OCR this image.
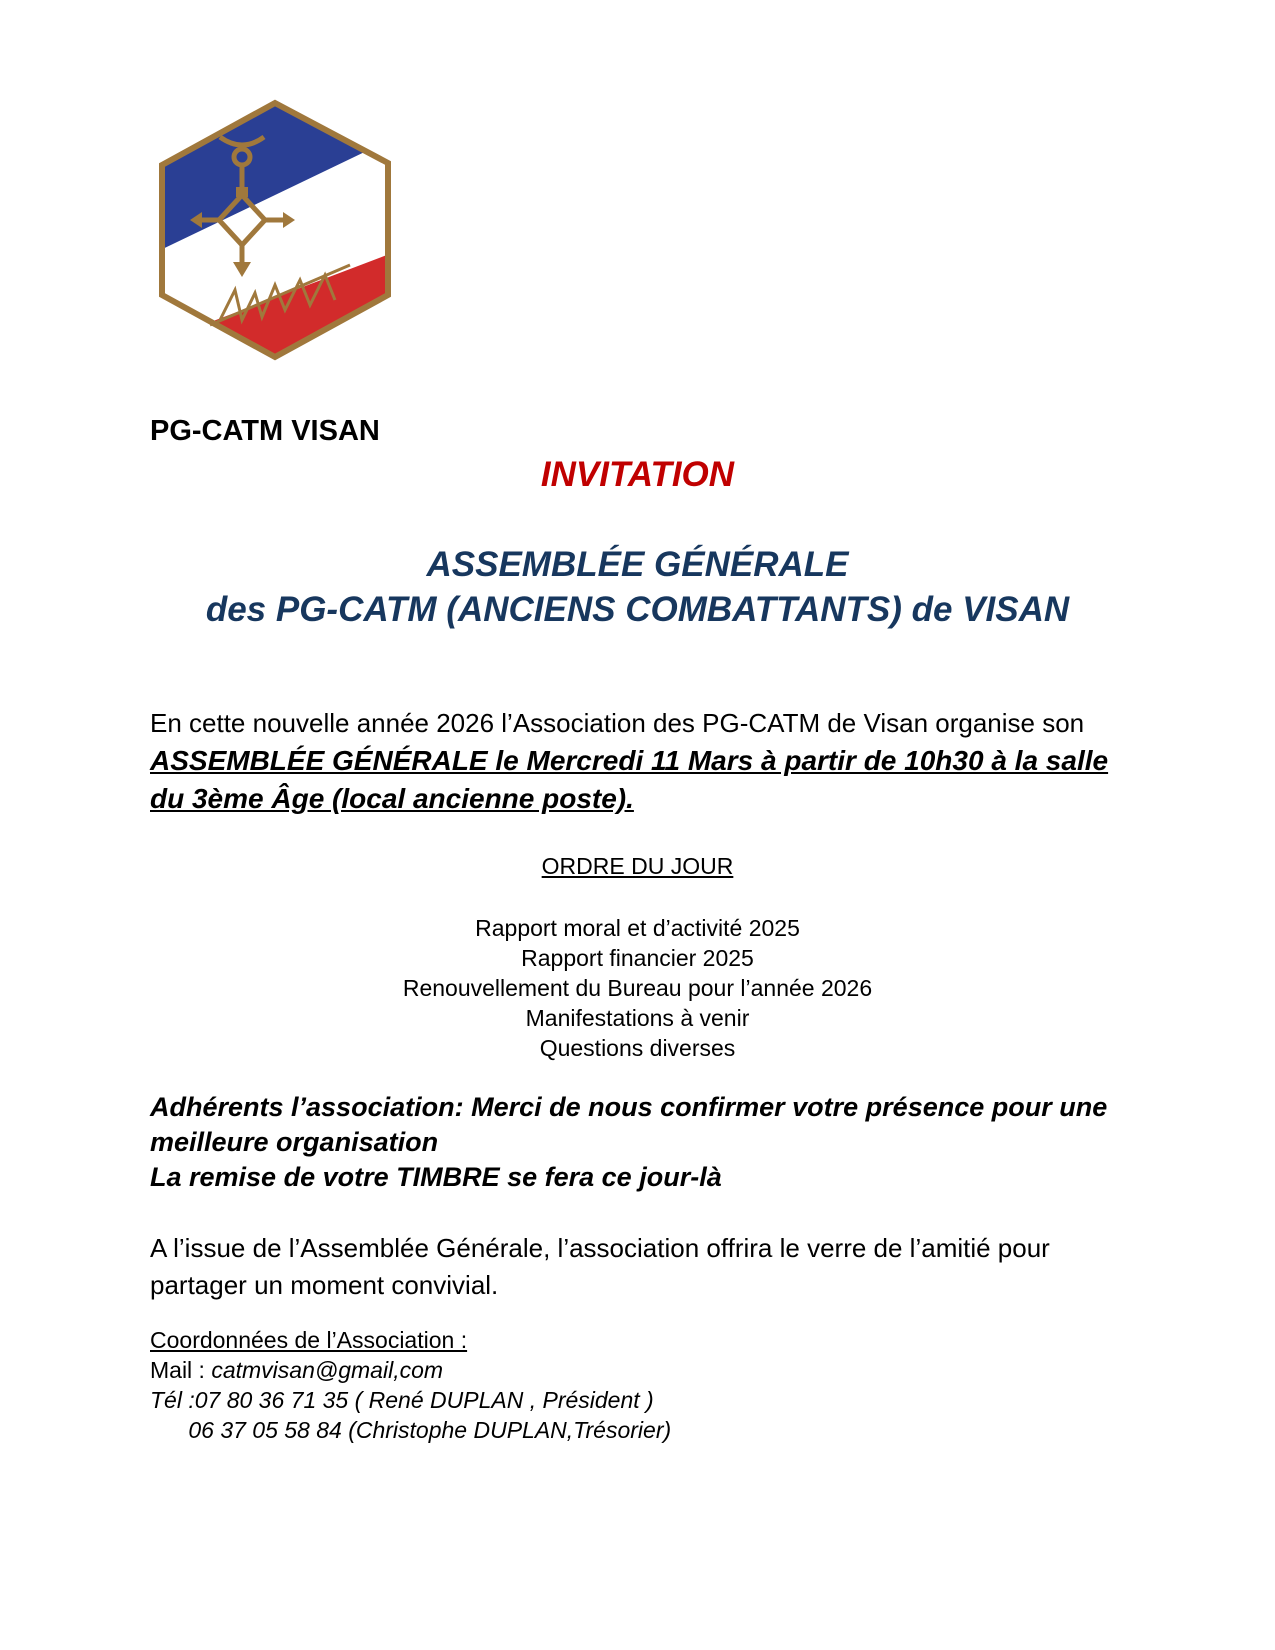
PG-CATM VISAN

INVITATION

ASSEMBLÉE GÉNÉRALE

des PG-CATM (ANCIENS COMBATTANTS) de VISAN

En cette nouvelle année 2026 l’Association des PG-CATM de Visan organise son ASSEMBLÉE GÉNÉRALE le Mercredi 11 Mars à partir de 10h30 à la salle du 3ème Âge (local ancienne poste).

ORDRE DU JOUR

Rapport moral et d’activité 2025
Rapport financier 2025
Renouvellement du Bureau pour l’année 2026
Manifestations à venir
Questions diverses

Adhérents l’association: Merci de nous confirmer votre présence pour une meilleure organisation
La remise de votre TIMBRE se fera ce jour-là

A l’issue de l’Assemblée Générale, l’association offrira le verre de l’amitié pour partager un moment convivial.

Coordonnées de l’Association :
Mail : catmvisan@gmail,com
Tél :07 80 36 71 35 ( René DUPLAN , Président )
06 37 05 58 84 (Christophe DUPLAN,Trésorier)
